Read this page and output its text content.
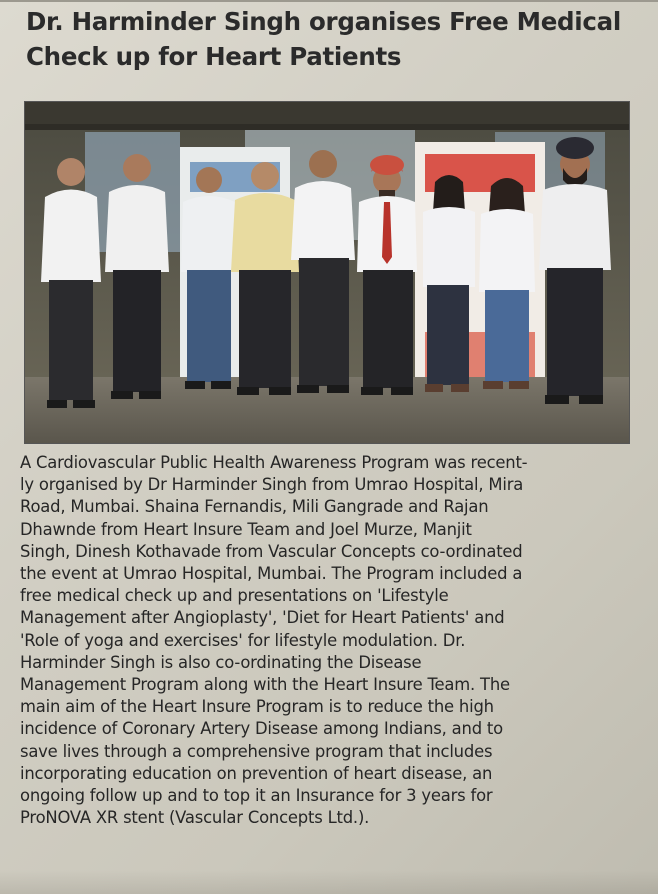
Dr. Harminder Singh organises Free Medical
Check up for Heart Patients
A Cardiovascular Public Health Awareness Program was recent-
ly organised by Dr Harminder Singh from Umrao Hospital, Mira
Road, Mumbai. Shaina Fernandis, Mili Gangrade and Rajan
Dhawnde from Heart Insure Team and Joel Murze, Manjit
Singh, Dinesh Kothavade from Vascular Concepts co-ordinated
the event at Umrao Hospital, Mumbai. The Program included a
free medical check up and presentations on 'Lifestyle
Management after Angioplasty', 'Diet for Heart Patients' and
'Role of yoga and exercises' for lifestyle modulation. Dr.
Harminder Singh is also co-ordinating the Disease
Management Program along with the Heart Insure Team. The
main aim of the Heart Insure Program is to reduce the high
incidence of Coronary Artery Disease among Indians, and to
save lives through a comprehensive program that includes
incorporating education on prevention of heart disease, an
ongoing follow up and to top it an Insurance for 3 years for
ProNOVA XR stent (Vascular Concepts Ltd.).
